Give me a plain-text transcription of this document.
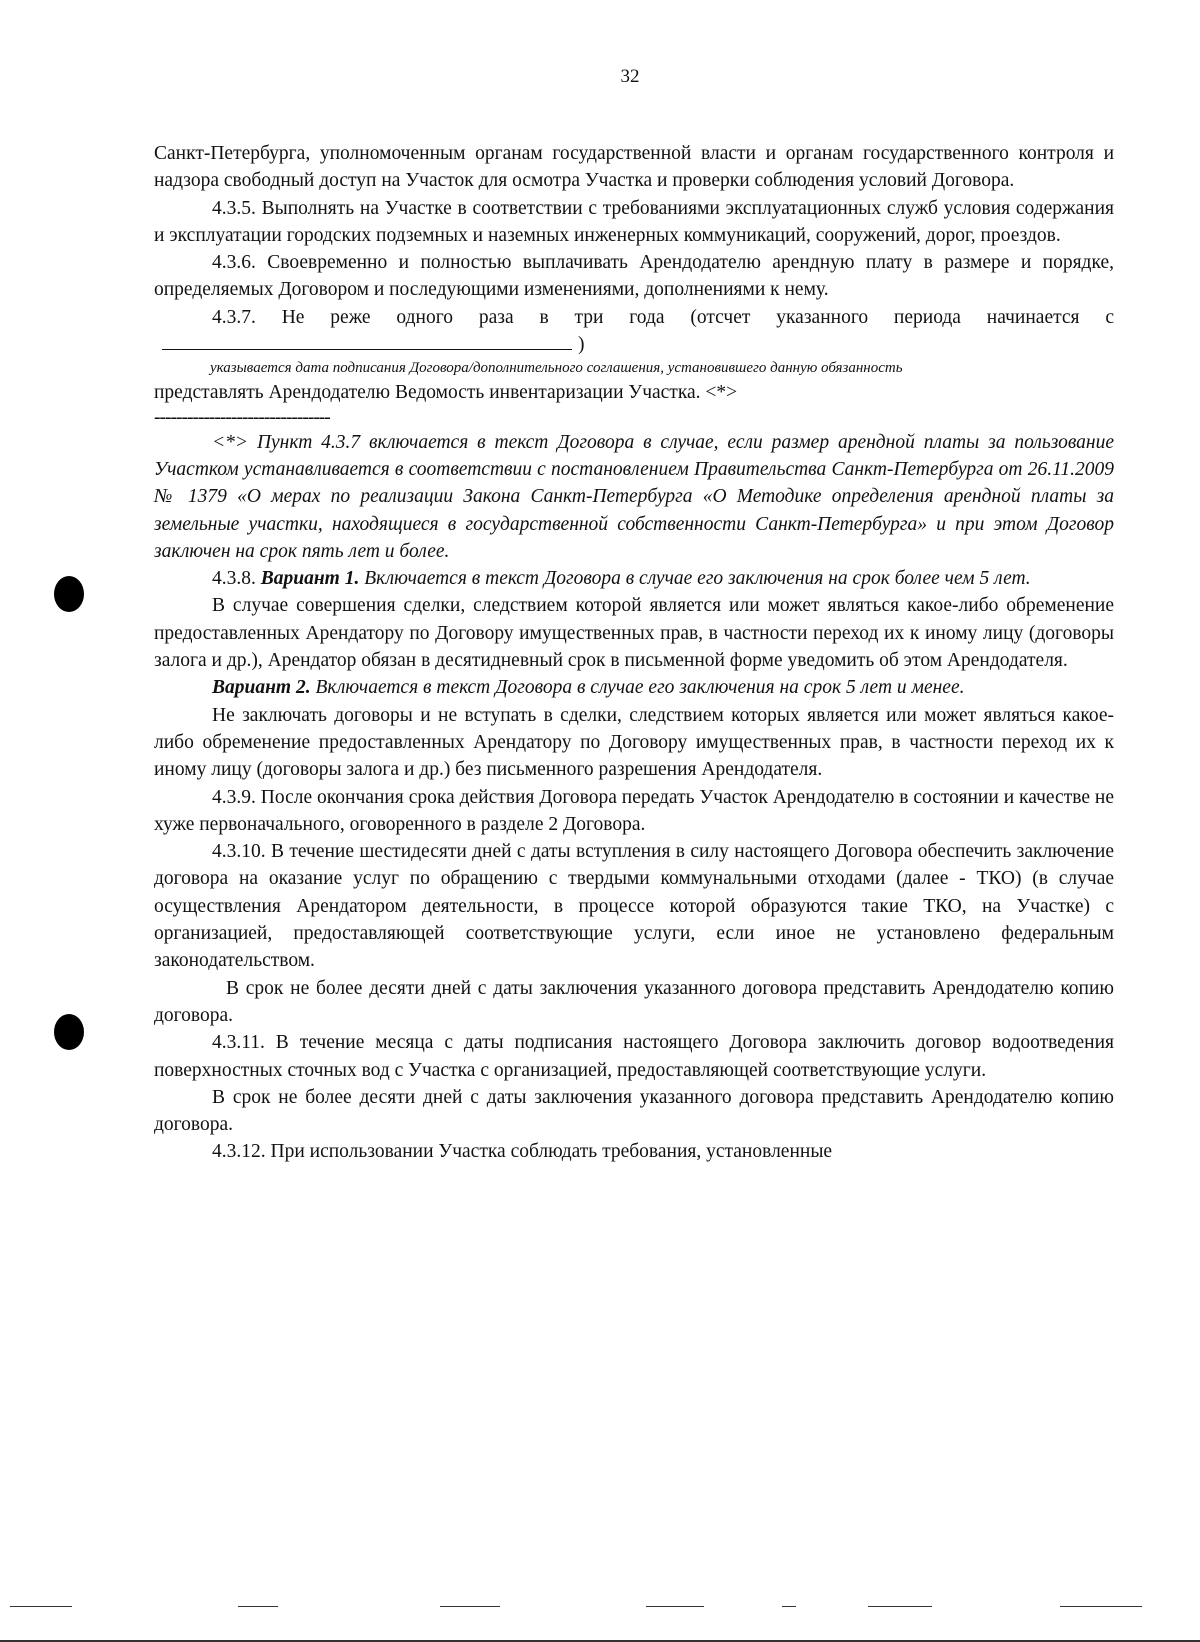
32

Санкт-Петербурга, уполномоченным органам государственной власти и органам государственного контроля и надзора свободный доступ на Участок для осмотра Участка и проверки соблюдения условий Договора.

4.3.5. Выполнять на Участке в соответствии с требованиями эксплуатационных служб условия содержания и эксплуатации городских подземных и наземных инженерных коммуникаций, сооружений, дорог, проездов.

4.3.6. Своевременно и полностью выплачивать Арендодателю арендную плату в размере и порядке, определяемых Договором и последующими изменениями, дополнениями к нему.

4.3.7. Не реже одного раза в три года (отсчет указанного периода начинается с)

указывается дата подписания Договора/дополнительного соглашения, установившего данную обязанность

представлять Арендодателю Ведомость инвентаризации Участка. <*>

--------------------------------

<*> Пункт 4.3.7 включается в текст Договора в случае, если размер арендной платы за пользование Участком устанавливается в соответствии с постановлением Правительства Санкт-Петербурга от 26.11.2009 № 1379 «О мерах по реализации Закона Санкт-Петербурга «О Методике определения арендной платы за земельные участки, находящиеся в государственной собственности Санкт-Петербурга» и при этом Договор заключен на срок пять лет и более.

4.3.8. Вариант 1. Включается в текст Договора в случае его заключения на срок более чем 5 лет.

В случае совершения сделки, следствием которой является или может являться какое-либо обременение предоставленных Арендатору по Договору имущественных прав, в частности переход их к иному лицу (договоры залога и др.), Арендатор обязан в десятидневный срок в письменной форме уведомить об этом Арендодателя.

Вариант 2. Включается в текст Договора в случае его заключения на срок 5 лет и менее.

Не заключать договоры и не вступать в сделки, следствием которых является или может являться какое-либо обременение предоставленных Арендатору по Договору имущественных прав, в частности переход их к иному лицу (договоры залога и др.) без письменного разрешения Арендодателя.

4.3.9. После окончания срока действия Договора передать Участок Арендодателю в состоянии и качестве не хуже первоначального, оговоренного в разделе 2 Договора.

4.3.10. В течение шестидесяти дней с даты вступления в силу настоящего Договора обеспечить заключение договора на оказание услуг по обращению с твердыми коммунальными отходами (далее - ТКО) (в случае осуществления Арендатором деятельности, в процессе которой образуются такие ТКО, на Участке) с организацией, предоставляющей соответствующие услуги, если иное не установлено федеральным законодательством.

В срок не более десяти дней с даты заключения указанного договора представить Арендодателю копию договора.

4.3.11. В течение месяца с даты подписания настоящего Договора заключить договор водоотведения поверхностных сточных вод с Участка с организацией, предоставляющей соответствующие услуги.

В срок не более десяти дней с даты заключения указанного договора представить Арендодателю копию договора.

4.3.12. При использовании Участка соблюдать требования, установленные
